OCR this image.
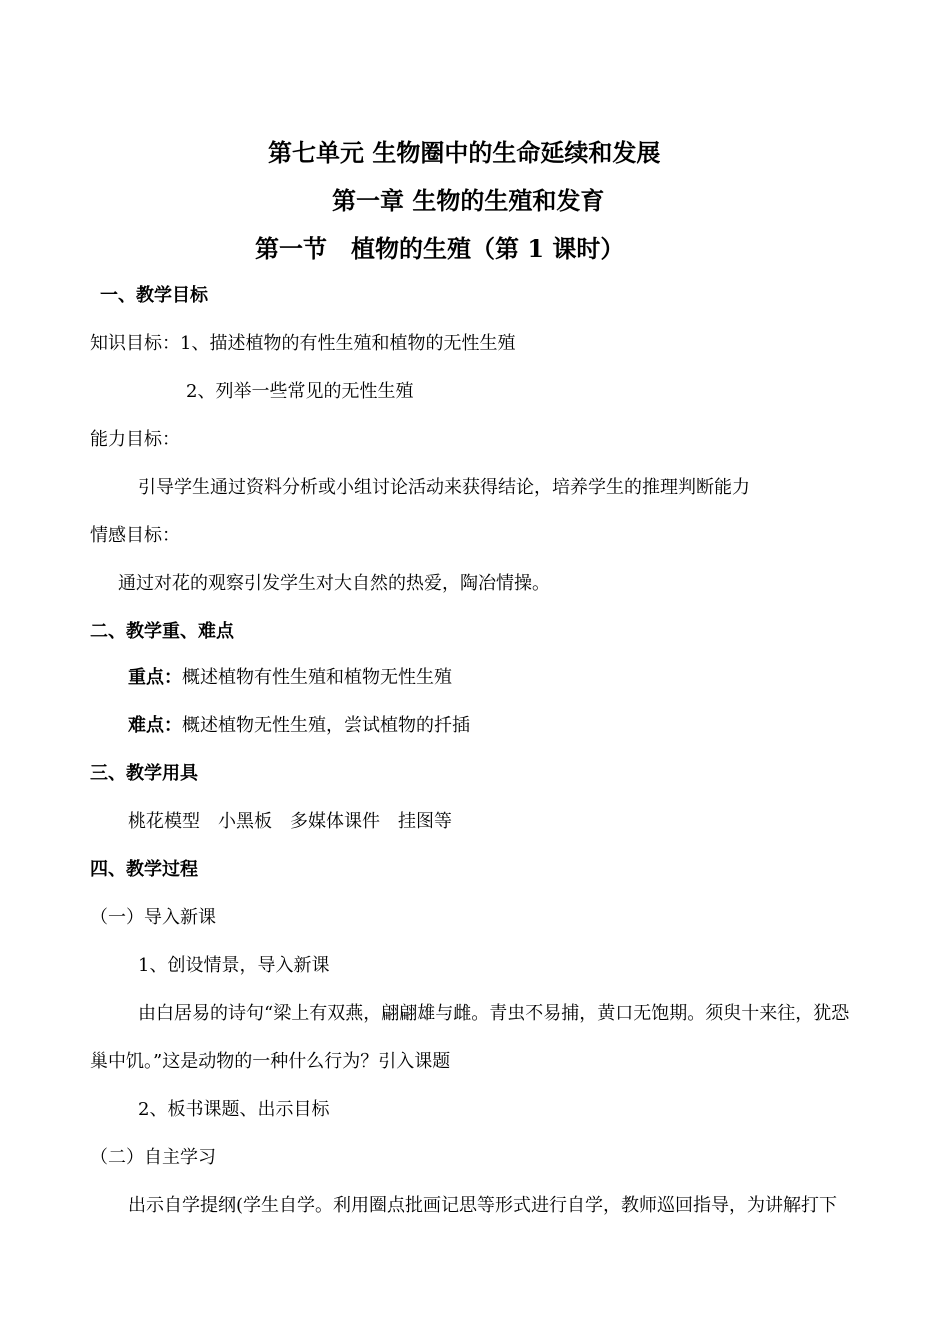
第七单元 生物圈中的生命延续和发展
第一章 生物的生殖和发育
第一节　植物的生殖（第 1 课时）
一、教学目标
知识目标：1、描述植物的有性生殖和植物的无性生殖
2、列举一些常见的无性生殖
能力目标：
引导学生通过资料分析或小组讨论活动来获得结论，培养学生的推理判断能力
情感目标：
通过对花的观察引发学生对大自然的热爱，陶冶情操。
二、教学重、难点
重点：概述植物有性生殖和植物无性生殖
难点：概述植物无性生殖，尝试植物的扦插
三、教学用具
桃花模型　小黑板　多媒体课件　挂图等
四、教学过程
（一）导入新课
1、创设情景，导入新课
由白居易的诗句“梁上有双燕，翩翩雄与雌。青虫不易捕，黄口无饱期。须臾十来往，犹恐
巢中饥。”这是动物的一种什么行为？引入课题
2、板书课题、出示目标
（二）自主学习
出示自学提纲(学生自学。利用圈点批画记思等形式进行自学，教师巡回指导，为讲解打下
